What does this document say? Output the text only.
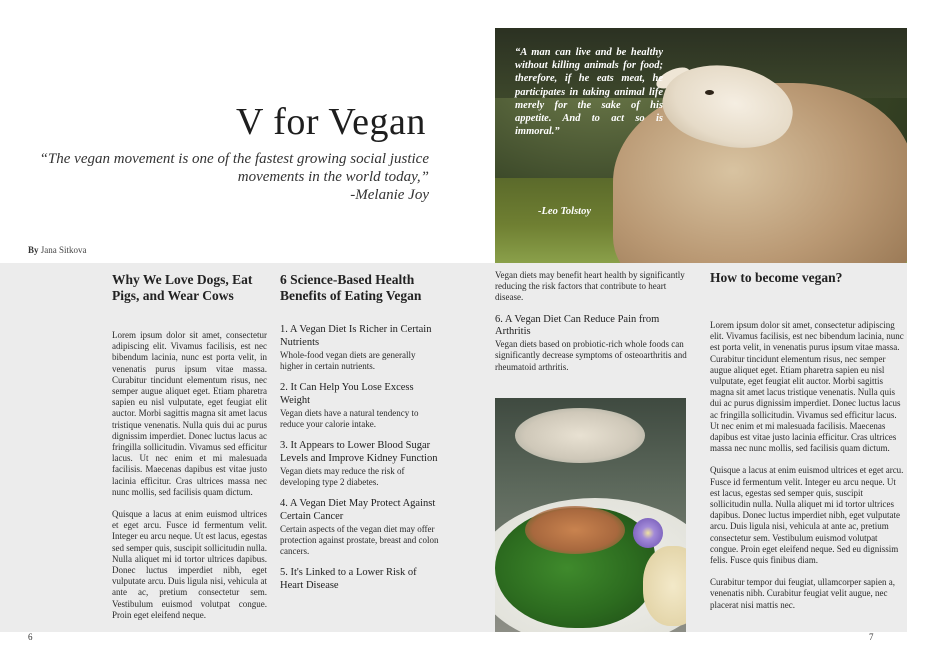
V for Vegan
“The vegan movement is one of the fastest growing social justice movements in the world today,”
-Melanie Joy
By Jana Sitkova
“A man can live and be healthy without killing animals for food; therefore, if he eats meat, he participates in taking animal life merely for the sake of his appetite. And to act so is immoral.”
-Leo Tolstoy
Why We Love Dogs, Eat Pigs, and Wear Cows

Lorem ipsum dolor sit amet, consectetur adipiscing elit. Vivamus facilisis, est nec bibendum lacinia, nunc est porta velit, in venenatis purus ipsum vitae massa. Curabitur tincidunt elementum risus, nec semper augue aliquet eget. Etiam pharetra sapien eu nisl vulputate, eget feugiat elit auctor. Morbi sagittis magna sit amet lacus tristique venenatis. Nulla quis dui ac purus dignissim imperdiet. Donec luctus lacus ac fringilla sollicitudin. Vivamus sed efficitur lacus. Ut nec enim et mi malesuada facilisis. Maecenas dapibus est vitae justo lacinia efficitur. Cras ultrices massa nec nunc mollis, sed facilisis quam dictum.

Quisque a lacus at enim euismod ultrices et eget arcu. Fusce id fermentum velit. Integer eu arcu neque. Ut est lacus, egestas sed semper quis, suscipit sollicitudin nulla. Nulla aliquet mi id tortor ultrices dapibus. Donec luctus imperdiet nibh, eget vulputate arcu. Duis ligula nisi, vehicula at ante ac, pretium consectetur sem. Vestibulum euismod volutpat congue. Proin eget eleifend neque.

6 Science-Based Health Benefits of Eating Vegan
1. A Vegan Diet Is Richer in Certain Nutrients

Whole-food vegan diets are generally higher in certain nutrients.

2. It Can Help You Lose Excess Weight

Vegan diets have a natural tendency to reduce your calorie intake.

3. It Appears to Lower Blood Sugar Levels and Improve Kidney Function

Vegan diets may reduce the risk of developing type 2 diabetes.

4. A Vegan Diet May Protect Against Certain Cancer

Certain aspects of the vegan diet may offer protection against prostate, breast and colon cancers.

5. It's Linked to a Lower Risk of Heart Disease

Vegan diets may benefit heart health by significantly reducing the risk factors that contribute to heart disease.

6. A Vegan Diet Can Reduce Pain from Arthritis

Vegan diets based on probiotic-rich whole foods can significantly decrease symptoms of osteoarthritis and rheumatoid arthritis.

How to become vegan?

Lorem ipsum dolor sit amet, consectetur adipiscing elit. Vivamus facilisis, est nec bibendum lacinia, nunc est porta velit, in venenatis purus ipsum vitae massa. Curabitur tincidunt elementum risus, nec semper augue aliquet eget. Etiam pharetra sapien eu nisl vulputate, eget feugiat elit auctor. Morbi sagittis magna sit amet lacus tristique venenatis. Nulla quis dui ac purus dignissim imperdiet. Donec luctus lacus ac fringilla sollicitudin. Vivamus sed efficitur lacus. Ut nec enim et mi malesuada facilisis. Maecenas dapibus est vitae justo lacinia efficitur. Cras ultrices massa nec nunc mollis, sed facilisis quam dictum.

Quisque a lacus at enim euismod ultrices et eget arcu. Fusce id fermentum velit. Integer eu arcu neque. Ut est lacus, egestas sed semper quis, suscipit sollicitudin nulla. Nulla aliquet mi id tortor ultrices dapibus. Donec luctus imperdiet nibh, eget vulputate arcu. Duis ligula nisi, vehicula at ante ac, pretium consectetur sem. Vestibulum euismod volutpat congue. Proin eget eleifend neque. Sed eu dignissim felis. Fusce quis finibus diam.

Curabitur tempor dui feugiat, ullamcorper sapien a, venenatis nibh. Curabitur feugiat velit augue, nec placerat nisi mattis nec.

6	7
